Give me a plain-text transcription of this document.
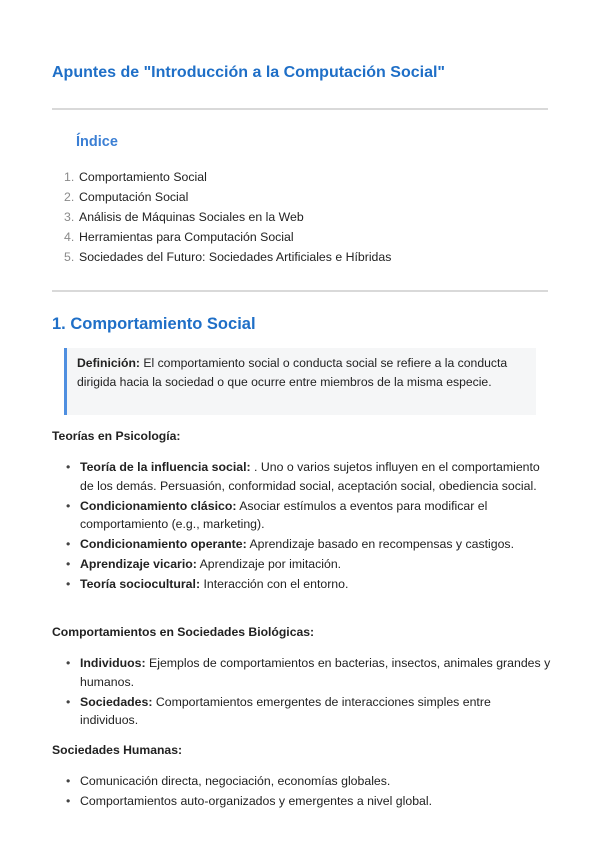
Apuntes de "Introducción a la Computación Social"
Índice
1. Comportamiento Social
2. Computación Social
3. Análisis de Máquinas Sociales en la Web
4. Herramientas para Computación Social
5. Sociedades del Futuro: Sociedades Artificiales e Híbridas
1. Comportamiento Social
Definición: El comportamiento social o conducta social se refiere a la conducta dirigida hacia la sociedad o que ocurre entre miembros de la misma especie.
Teorías en Psicología:
• Teoría de la influencia social: . Uno o varios sujetos influyen en el comportamiento de los demás. Persuasión, conformidad social, aceptación social, obediencia social.
• Condicionamiento clásico: Asociar estímulos a eventos para modificar el comportamiento (e.g., marketing).
• Condicionamiento operante: Aprendizaje basado en recompensas y castigos.
• Aprendizaje vicario: Aprendizaje por imitación.
• Teoría sociocultural: Interacción con el entorno.
Comportamientos en Sociedades Biológicas:
• Individuos: Ejemplos de comportamientos en bacterias, insectos, animales grandes y humanos.
• Sociedades: Comportamientos emergentes de interacciones simples entre individuos.
Sociedades Humanas:
• Comunicación directa, negociación, economías globales.
• Comportamientos auto-organizados y emergentes a nivel global.
